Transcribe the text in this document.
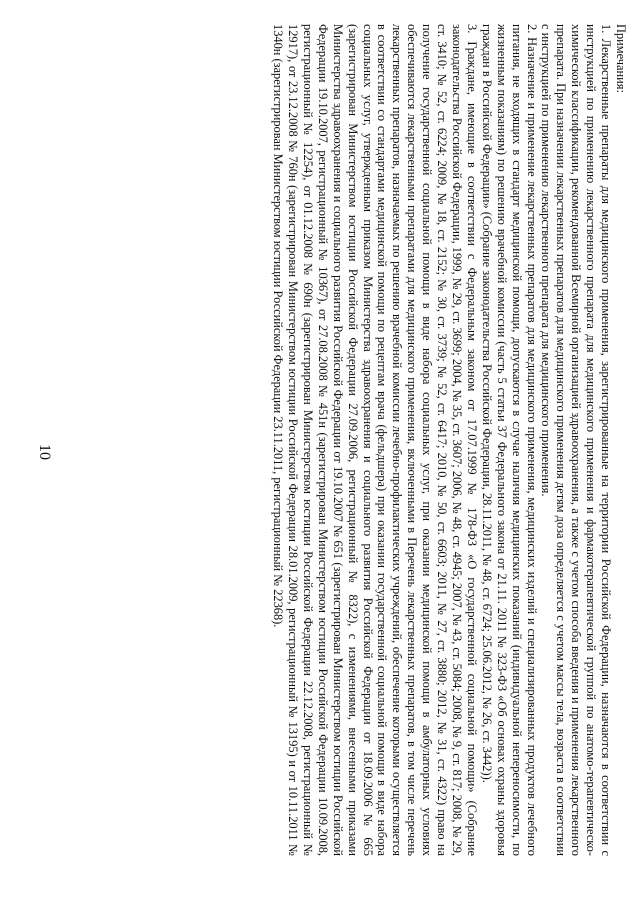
10

Примечания:

1. Лекарственные препараты для медицинского применения, зарегистрированные на территории Российской Федерации, назначаются в соответствии с инструкцией по применению лекарственного препарата для медицинского применения и фармакотерапевтической группой по анатомо-терапевтическо-химической классификации, рекомендованной Всемирной организацией здравоохранения, а также с учетом способа введения и применения лекарственного препарата. При назначении лекарственных препаратов для медицинского применения детям доза определяется с учетом массы тела, возраста в соответствии с инструкцией по применению лекарственного препарата для медицинского применения.

2. Назначение и применение лекарственных препаратов для медицинского применения, медицинских изделий и специализированных продуктов лечебного питания, не входящих в стандарт медицинской помощи, допускаются в случае наличия медицинских показаний (индивидуальной непереносимости, по жизненным показаниям) по решению врачебной комиссии (часть 5 статьи 37 Федерального закона от 21.11. 2011 № 323-ФЗ «Об основах охраны здоровья граждан в Российской Федерации» (Собрание законодательства Российской Федерации, 28.11.2011, № 48, ст. 6724; 25.06.2012, № 26, ст. 3442)).

3. Граждане, имеющие в соответствии с Федеральным законом от 17.07.1999 № 178-ФЗ «О государственной социальной помощи» (Собрание законодательства Российской Федерации, 1999, № 29, ст. 3699; 2004, № 35, ст. 3607; 2006, № 48, ст. 4945; 2007, № 43, ст. 5084; 2008, № 9, ст. 817; 2008, № 29, ст. 3410; № 52, ст. 6224; 2009, № 18, ст. 2152; № 30, ст. 3739; № 52, ст. 6417; 2010, № 50, ст. 6603; 2011, № 27, ст. 3880; 2012, № 31, ст. 4322) право на получение государственной социальной помощи в виде набора социальных услуг, при оказании медицинской помощи в амбулаторных условиях обеспечиваются лекарственными препаратами для медицинского применения, включенными в Перечень лекарственных препаратов, в том числе перечень лекарственных препаратов, назначаемых по решению врачебной комиссии лечебно-профилактических учреждений, обеспечение которыми осуществляется в соответствии со стандартами медицинской помощи по рецептам врача (фельдшера) при оказании государственной социальной помощи в виде набора социальных услуг, утвержденным приказом Министерства здравоохранения и социального развития Российской Федерации от 18.09.2006 № 665 (зарегистрирован Министерством юстиции Российской Федерации 27.09.2006, регистрационный № 8322), с изменениями, внесенными приказами Министерства здравоохранения и социального развития Российской Федерации от 19.10.2007 № 651 (зарегистрирован Министерством юстиции Российской Федерации 19.10.2007, регистрационный № 10367), от 27.08.2008 № 451н (зарегистрирован Министерством юстиции Российской Федерации 10.09.2008, регистрационный № 12254), от 01.12.2008 № 690н (зарегистрирован Министерством юстиции Российской Федерации 22.12.2008, регистрационный № 12917), от 23.12.2008 № 760н (зарегистрирован Министерством юстиции Российской Федерации 28.01.2009, регистрационный № 13195) и от 10.11.2011 № 1340н (зарегистрирован Министерством юстиции Российской Федерации 23.11.2011, регистрационный № 22368).
